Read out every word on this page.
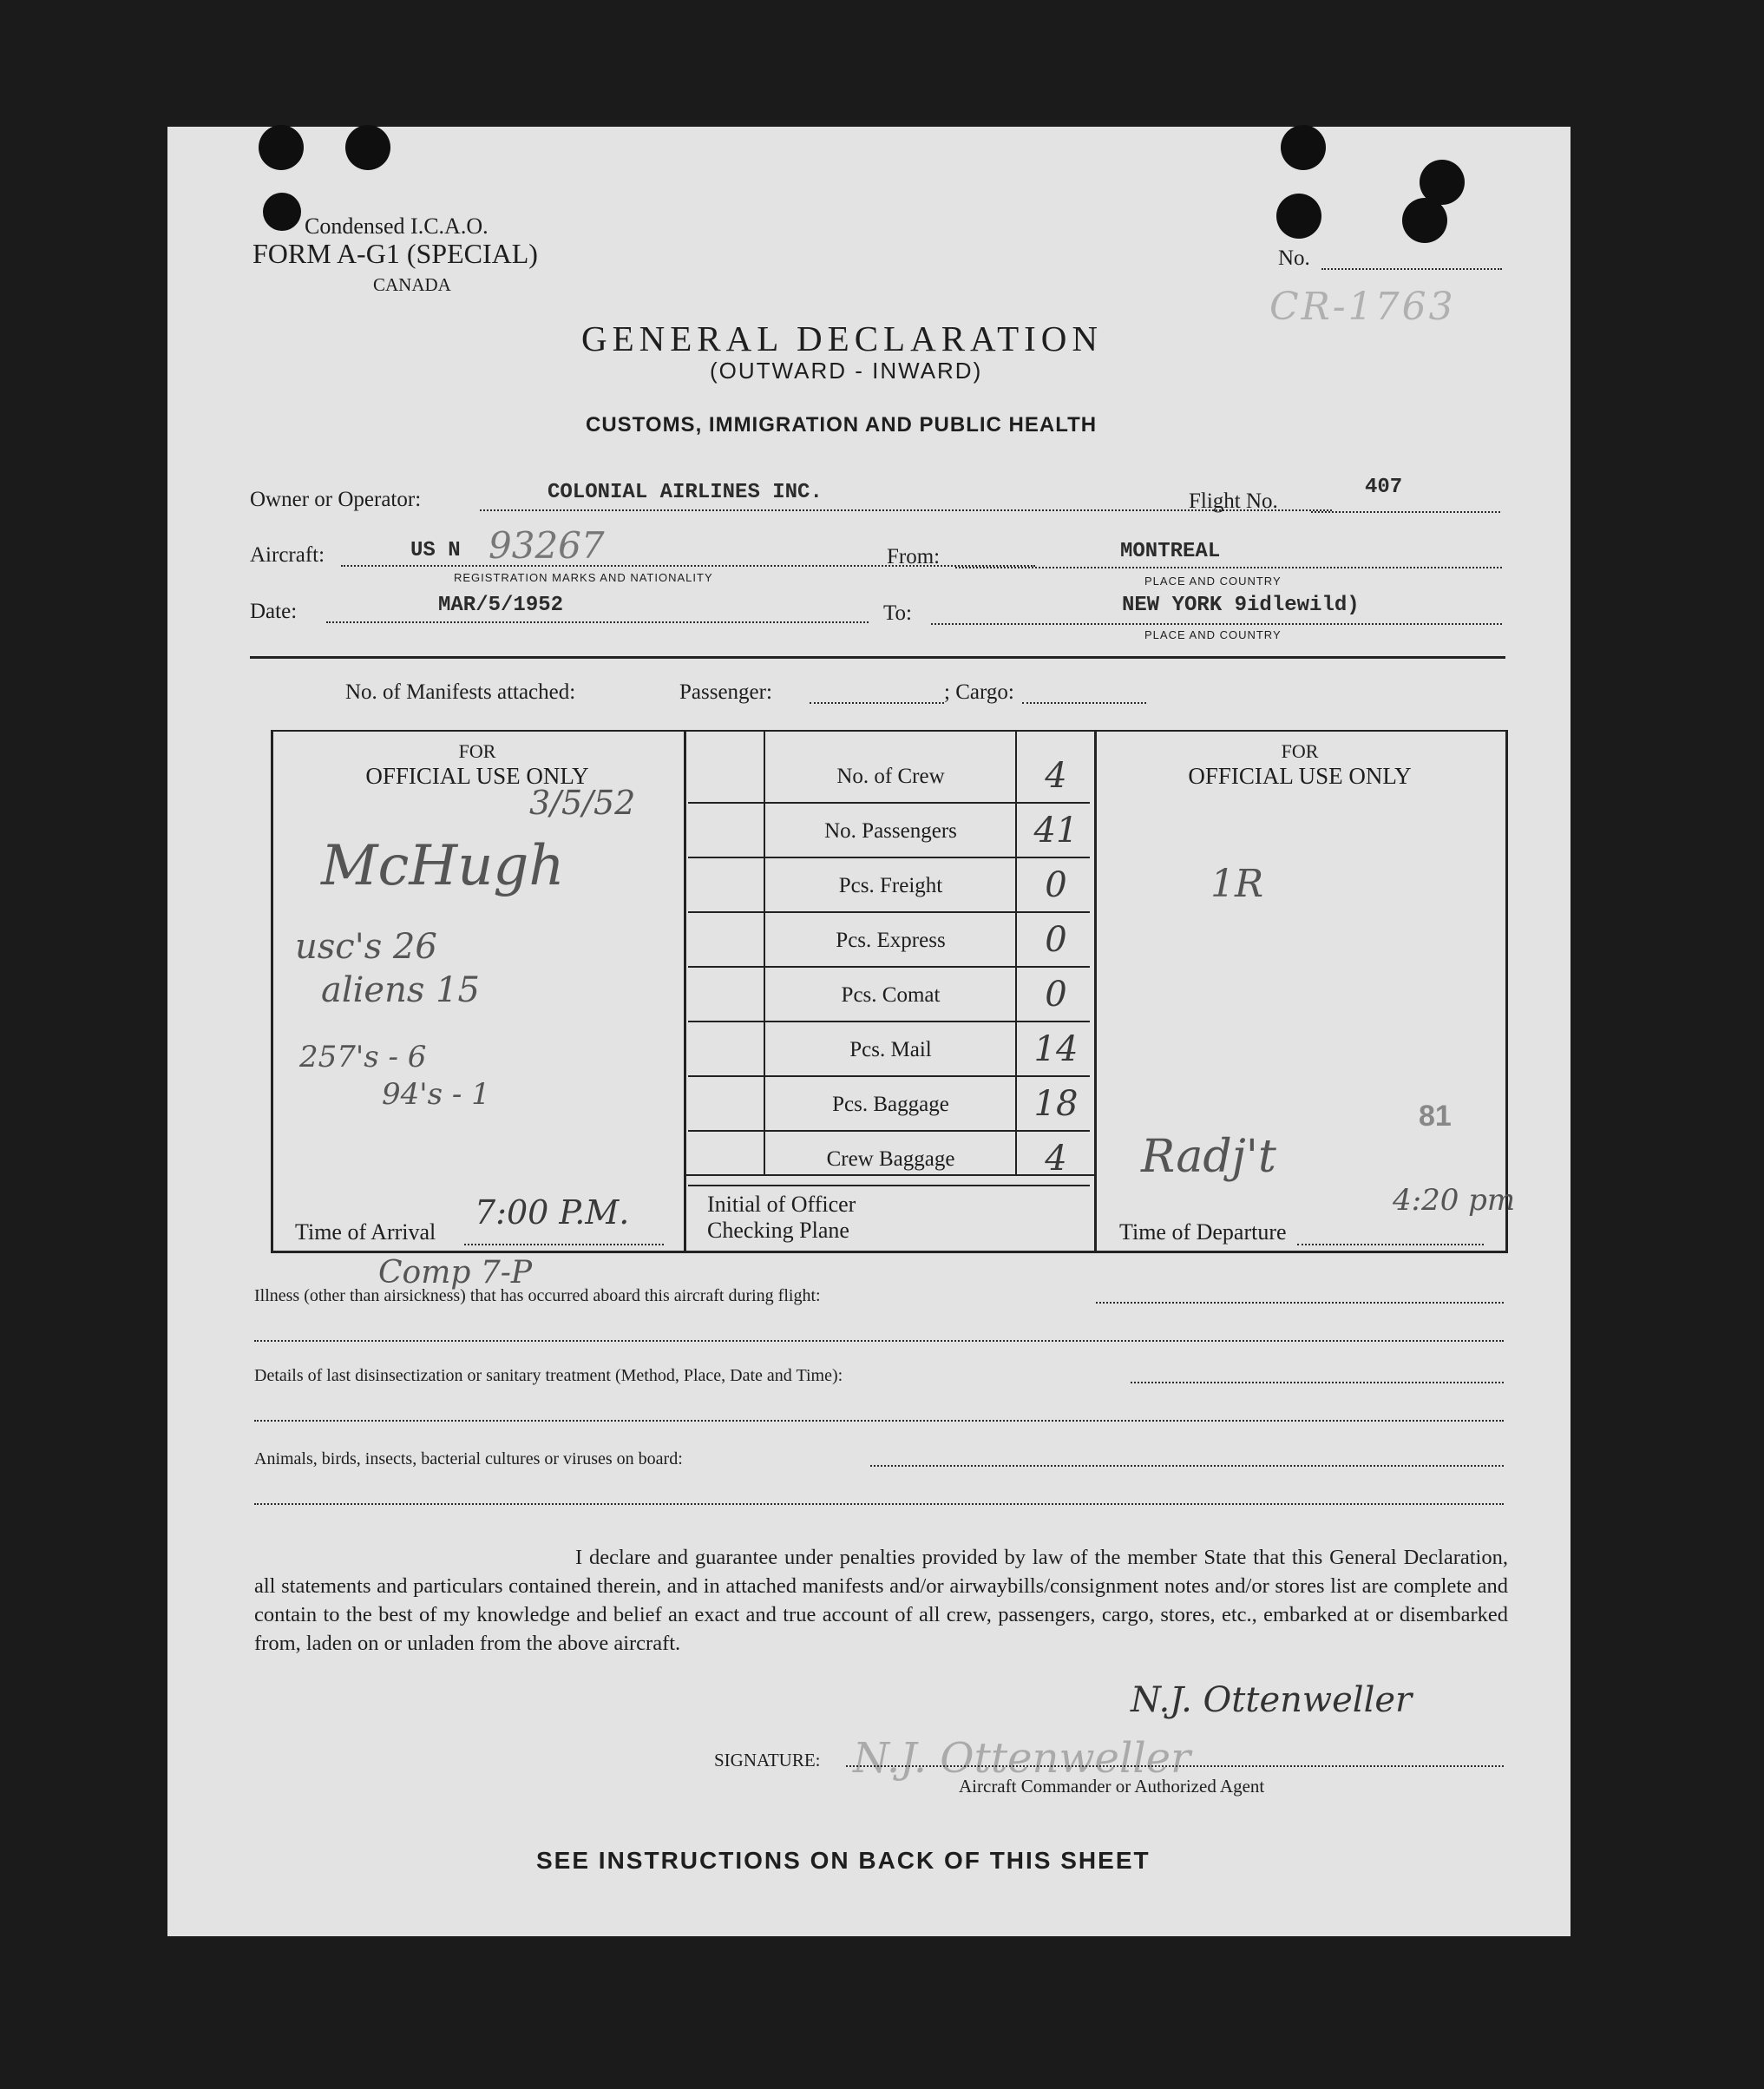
Condensed I.C.A.O.
FORM A-G1 (SPECIAL)
CANADA
No.
CR-1763
GENERAL DECLARATION
(OUTWARD - INWARD)
CUSTOMS, IMMIGRATION AND PUBLIC HEALTH
Owner or Operator:	COLONIAL AIRLINES INC.	Flight No.
407
Aircraft:	US N 93267
REGISTRATION MARKS AND NATIONALITY
From:	MONTREAL
PLACE AND COUNTRY
Date:	MAR/5/1952	To:	NEW YORK 9idlewild)
PLACE AND COUNTRY
No. of Manifests attached:	Passenger:	; Cargo:
FOR
OFFICIAL USE ONLY
FOR
OFFICIAL USE ONLY
No. of Crew	4
No. Passengers	41
Pcs. Freight	0
Pcs. Express	0
Pcs. Comat	0
Pcs. Mail	14
Pcs. Baggage	18
Crew Baggage	4
3/5/52
McHugh
usc's 26
aliens 15
257's - 6
94's - 1
1R
81
Radj't
4:20 pm
Time of Arrival
7:00 P.M.	Initial of Officer
Checking Plane	Time of Departure
Comp 7-P
Illness (other than airsickness) that has occurred aboard this aircraft during flight:
Details of last disinsectization or sanitary treatment (Method, Place, Date and Time):
Animals, birds, insects, bacterial cultures or viruses on board:
I declare and guarantee under penalties provided by law of the member State that this General Declaration, all statements and particulars contained therein, and in attached manifests and/or airwaybills/consignment notes and/or stores list are complete and contain to the best of my knowledge and belief an exact and true account of all crew, passengers, cargo, stores, etc., embarked at or disembarked from, laden on or unladen from the above aircraft.
N.J. Ottenweller
N.J. Ottenweller
SIGNATURE:
Aircraft Commander or Authorized Agent
SEE INSTRUCTIONS ON BACK OF THIS SHEET
